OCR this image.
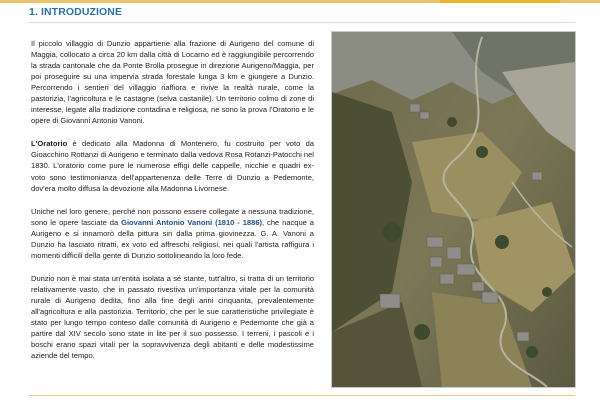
1. INTRODUZIONE

Il piccolo villaggio di Dunzio appartiene alla frazione di Aurigeno del comune di Maggia, collocato a circa 20 km dalla città di Locarno ed è raggiungibile percorrendo la strada cantonale che da Ponte Brolla prosegue in direzione Aurigeno/Maggia, per poi proseguire su una impervia strada forestale lunga 3 km e giungere a Dunzio. Percorrendo i sentieri del villaggio riaffiora e rivive la realtà rurale, come la pastorizia, l'agricoltura e le castagne (selva castanile). Un territorio colmo di zone di interesse, legate alla tradizione contadina e religiosa, ne sono la prova l'Oratorio e le opere di Giovanni Antonio Vanoni.

L'Oratorio è dedicato alla Madonna di Montenero, fu costruito per voto da Gioacchino Rottanzi di Aurigeno e terminato dalla vedova Rosa Rotanzi-Patocchi nel 1830. L'oratorio come pure le numerose effigi delle cappelle, nicchie e quadri ex-voto sono testimonianza dell'appartenenza delle Terre di Dunzio a Pedemonte, dov'era molto diffusa la devozione alla Madonna Livornese.

Uniche nel loro genere, perché non possono essere collegate a nessuna tradizione, sono le opere lasciate da Giovanni Antonio Vanoni (1810 - 1886), che nacque a Aurigeno e si innamorò della pittura sin dalla prima giovinezza. G. A. Vanoni a Dunzio ha lasciato ritratti, ex voto ed affreschi religiosi, nei quali l'artista raffigura i momenti difficili della gente di Dunzio sottolineando la loro fede.

Dunzio non è mai stata un'entità isolata a sé stante, tutt'altro, si tratta di un territorio relativamente vasto, che in passato rivestiva un'importanza vitale per la comunità rurale di Aurigeno dedita, fino alla fine degli anni cinquanta, prevalentemente all'agricoltura e alla pastorizia. Territorio, che per le sue caratteristiche privilegiate è stato per lungo tempo conteso dalle comunità di Aurigeno e Pedemonte che già a partire dal XIV secolo sono state in lite per il suo possesso. I terreni, i pascoli e i boschi erano spazi vitali per la sopravvivenza degli abitanti e delle modestissime aziende del tempo.
